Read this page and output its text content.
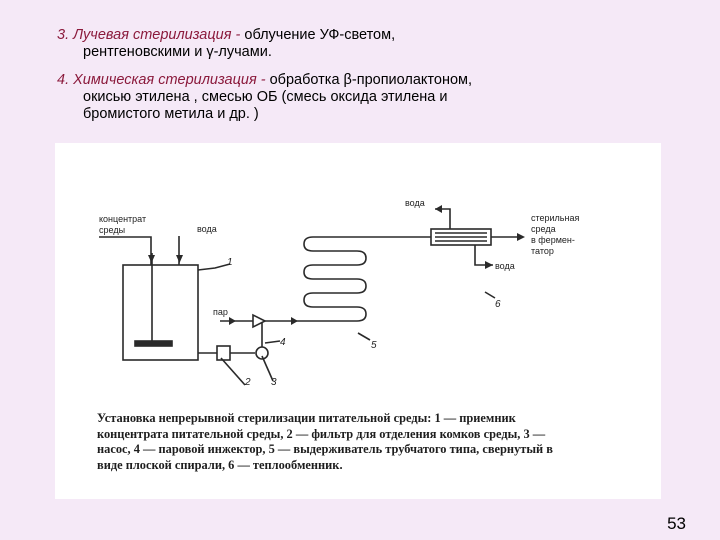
3. Лучевая стерилизация - облучение УФ-светом,
рентгеновскими и γ-лучами.
4. Химическая стерилизация - обработка β-пропиолактоном,
окисью этилена , смесью ОБ (смесь оксида этилена и
бромистого метила и др. )
концентрат
среды	вода
пар
вода
вода
стерильная
среда
в фермен-
татор
1
2 3
4	5
6
Установка непрерывной стерилизации питательной среды: 1 — приемник
концентрата питательной среды, 2 — фильтр для отделения комков среды, 3 —
насос, 4 — паровой инжектор, 5 — выдерживатель трубчатого типа, свернутый в
виде плоской спирали, 6 — теплообменник.
53
